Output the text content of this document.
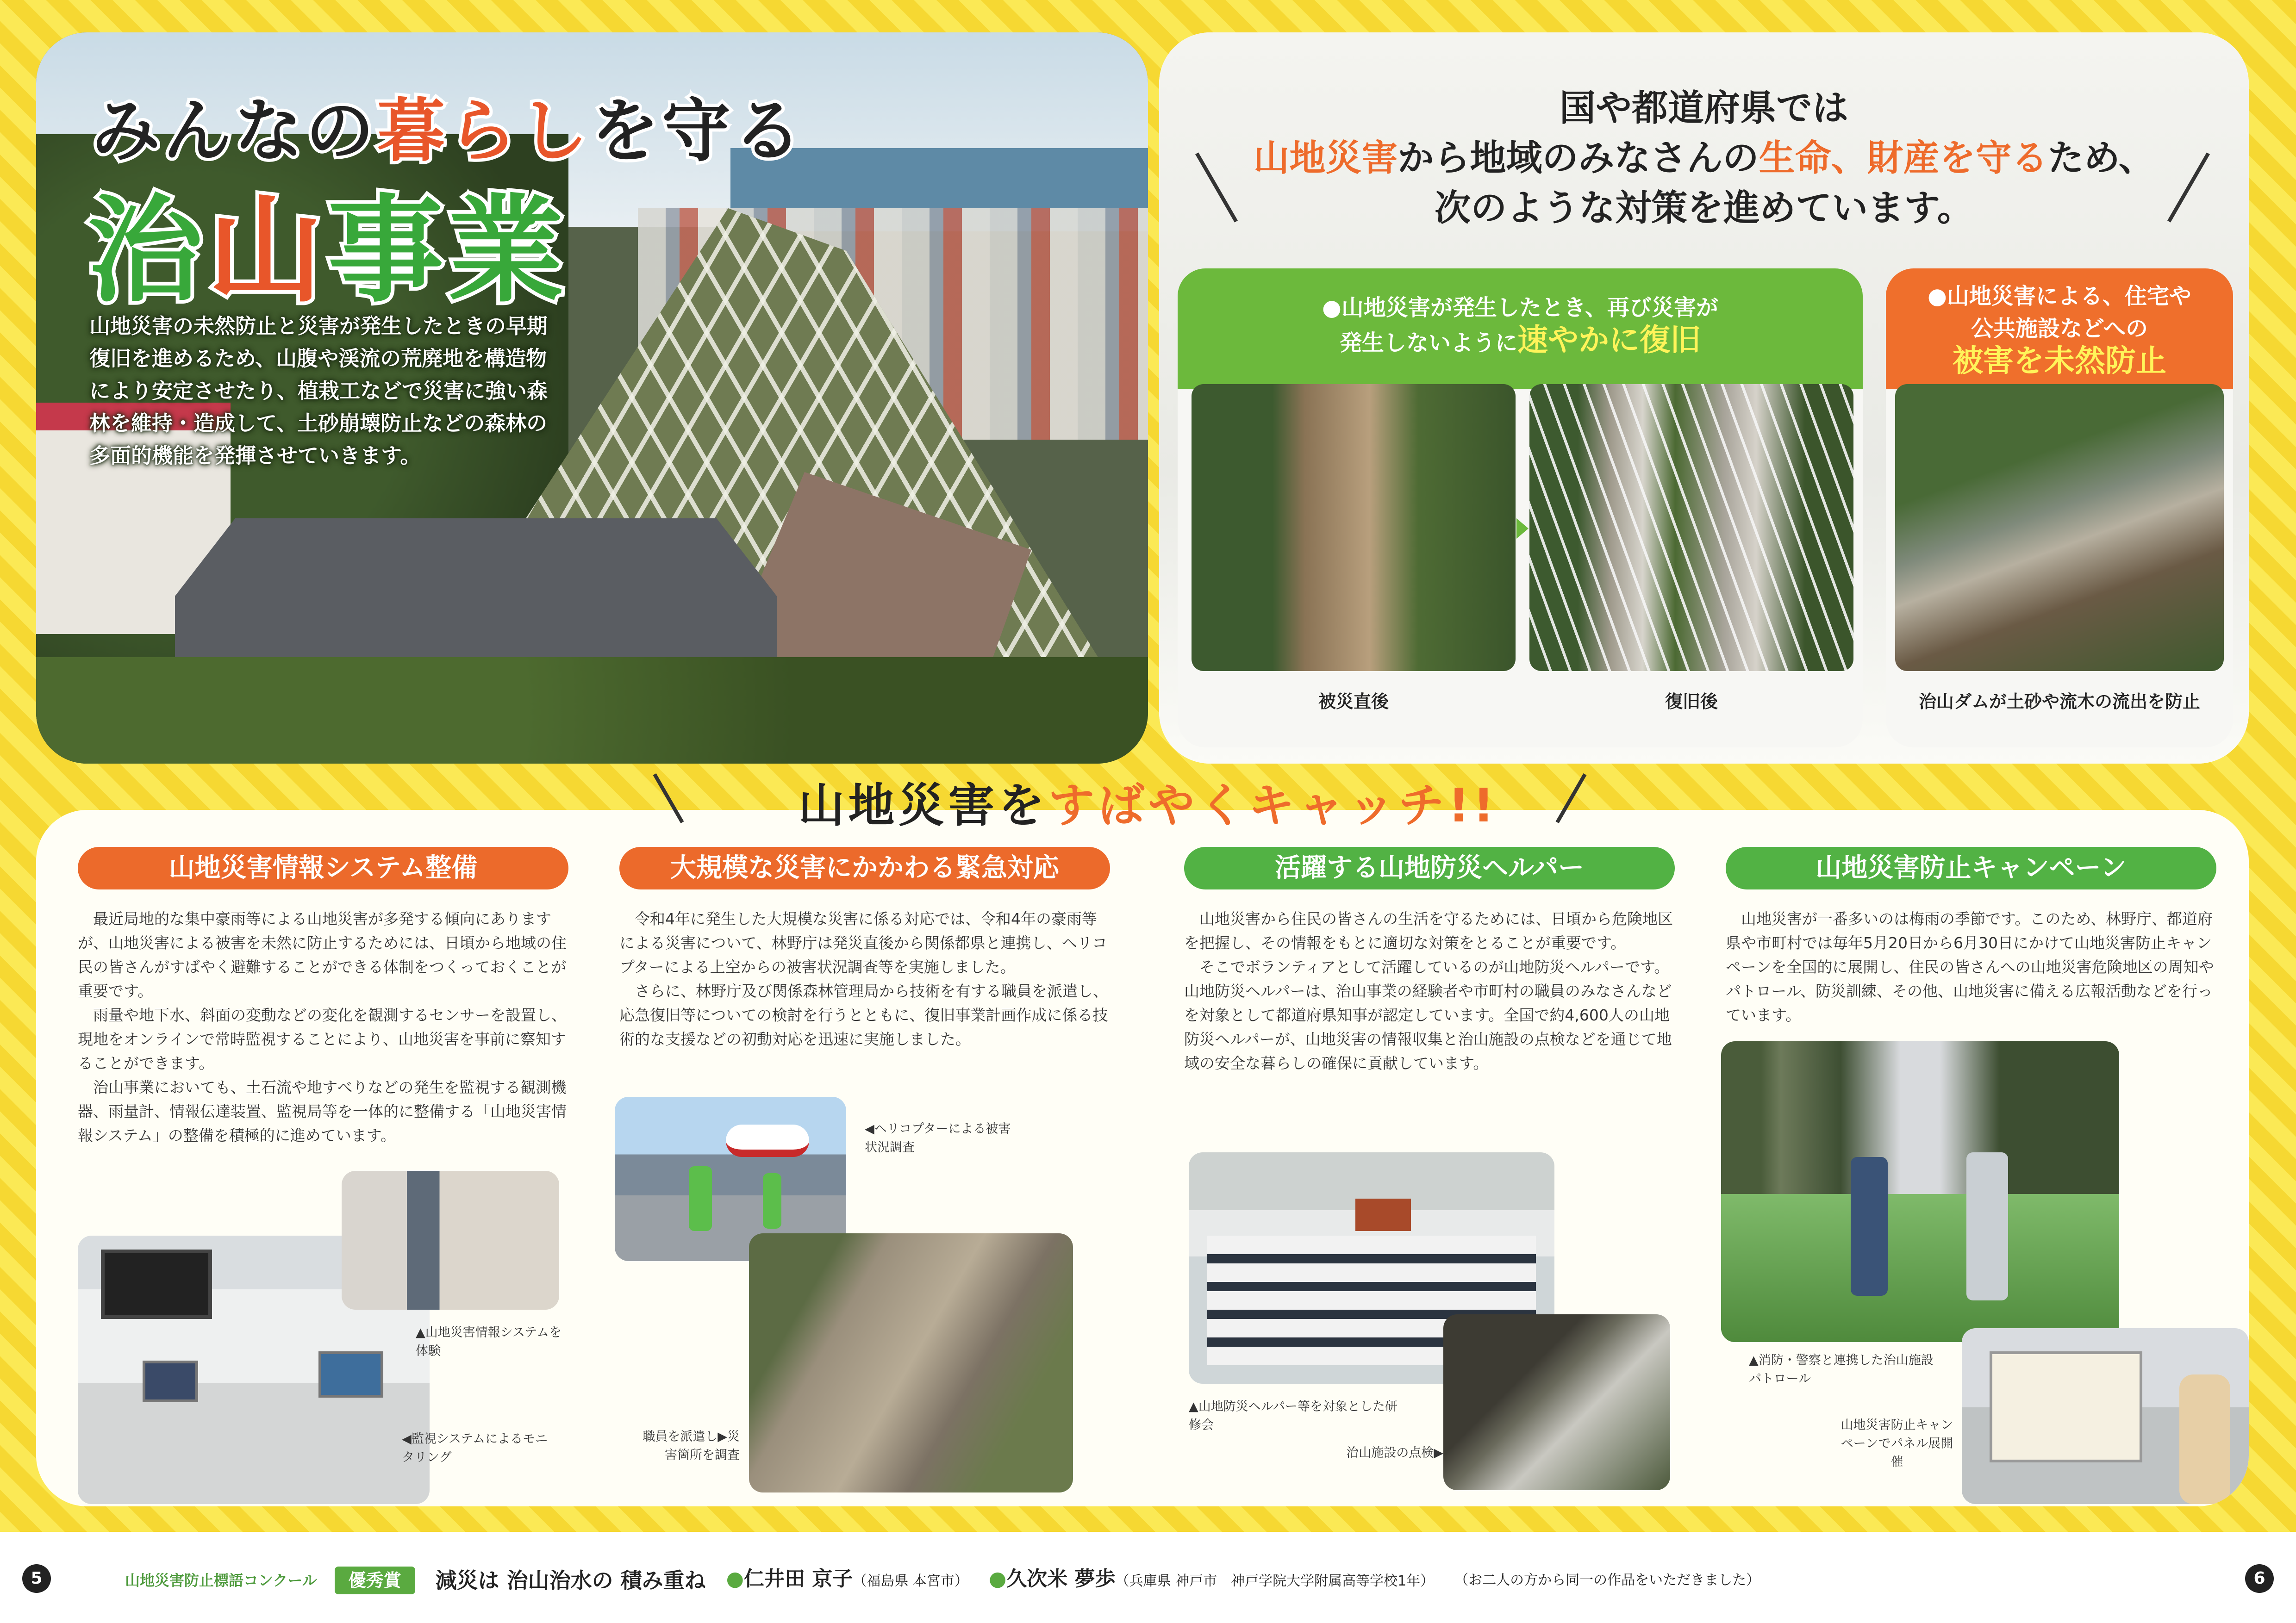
みんなの暮らしを守る
治山事業
山地災害の未然防止と災害が発生したときの早期復旧を進めるため、山腹や渓流の荒廃地を構造物により安定させたり、植栽工などで災害に強い森林を維持・造成して、土砂崩壊防止などの森林の多面的機能を発揮させていきます。
国や都道府県では
山地災害から地域のみなさんの生命、財産を守るため、
次のような対策を進めています。
●山地災害が発生したとき、再び災害が
発生しないように速やかに復旧
被災直後	復旧後
●山地災害による、住宅や
公共施設などへの
被害を未然防止
治山ダムが土砂や流木の流出を防止
山地災害情報システム整備

最近局地的な集中豪雨等による山地災害が多発する傾向にありますが、山地災害による被害を未然に防止するためには、日頃から地域の住民の皆さんがすばやく避難することができる体制をつくっておくことが重要です。

雨量や地下水、斜面の変動などの変化を観測するセンサーを設置し、現地をオンラインで常時監視することにより、山地災害を事前に察知することができます。

治山事業においても、土石流や地すべりなどの発生を監視する観測機器、雨量計、情報伝達装置、監視局等を一体的に整備する「山地災害情報システム」の整備を積極的に進めています。

▲山地災害情報システムを体験
◀監視システムによるモニタリング
大規模な災害にかかわる緊急対応

令和4年に発生した大規模な災害に係る対応では、令和4年の豪雨等による災害について、林野庁は発災直後から関係都県と連携し、ヘリコプターによる上空からの被害状況調査等を実施しました。

さらに、林野庁及び関係森林管理局から技術を有する職員を派遣し、応急復旧等についての検討を行うとともに、復旧事業計画作成に係る技術的な支援などの初動対応を迅速に実施しました。

◀ヘリコプターによる被害状況調査
職員を派遣し▶災害箇所を調査
活躍する山地防災ヘルパー

山地災害から住民の皆さんの生活を守るためには、日頃から危険地区を把握し、その情報をもとに適切な対策をとることが重要です。

そこでボランティアとして活躍しているのが山地防災ヘルパーです。山地防災ヘルパーは、治山事業の経験者や市町村の職員のみなさんなどを対象として都道府県知事が認定しています。全国で約4,600人の山地防災ヘルパーが、山地災害の情報収集と治山施設の点検などを通じて地域の安全な暮らしの確保に貢献しています。

▲山地防災ヘルパー等を対象とした研修会
治山施設の点検▶
山地災害防止キャンペーン

山地災害が一番多いのは梅雨の季節です。このため、林野庁、都道府県や市町村では毎年5月20日から6月30日にかけて山地災害防止キャンペーンを全国的に展開し、住民の皆さんへの山地災害危険地区の周知やパトロール、防災訓練、その他、山地災害に備える広報活動などを行っています。

▲消防・警察と連携した治山施設パトロール
山地災害防止キャンペーンでパネル展開催
山地災害をすばやくキャッチ!!
5	山地災害防止標語コンクール 優秀賞 減災は 治山治水の 積み重ね ●仁井田 京子（福島県 本宮市） ●久次米 夢歩（兵庫県 神戸市　神戸学院大学附属高等学校1年） （お二人の方から同一の作品をいただきました）	6
